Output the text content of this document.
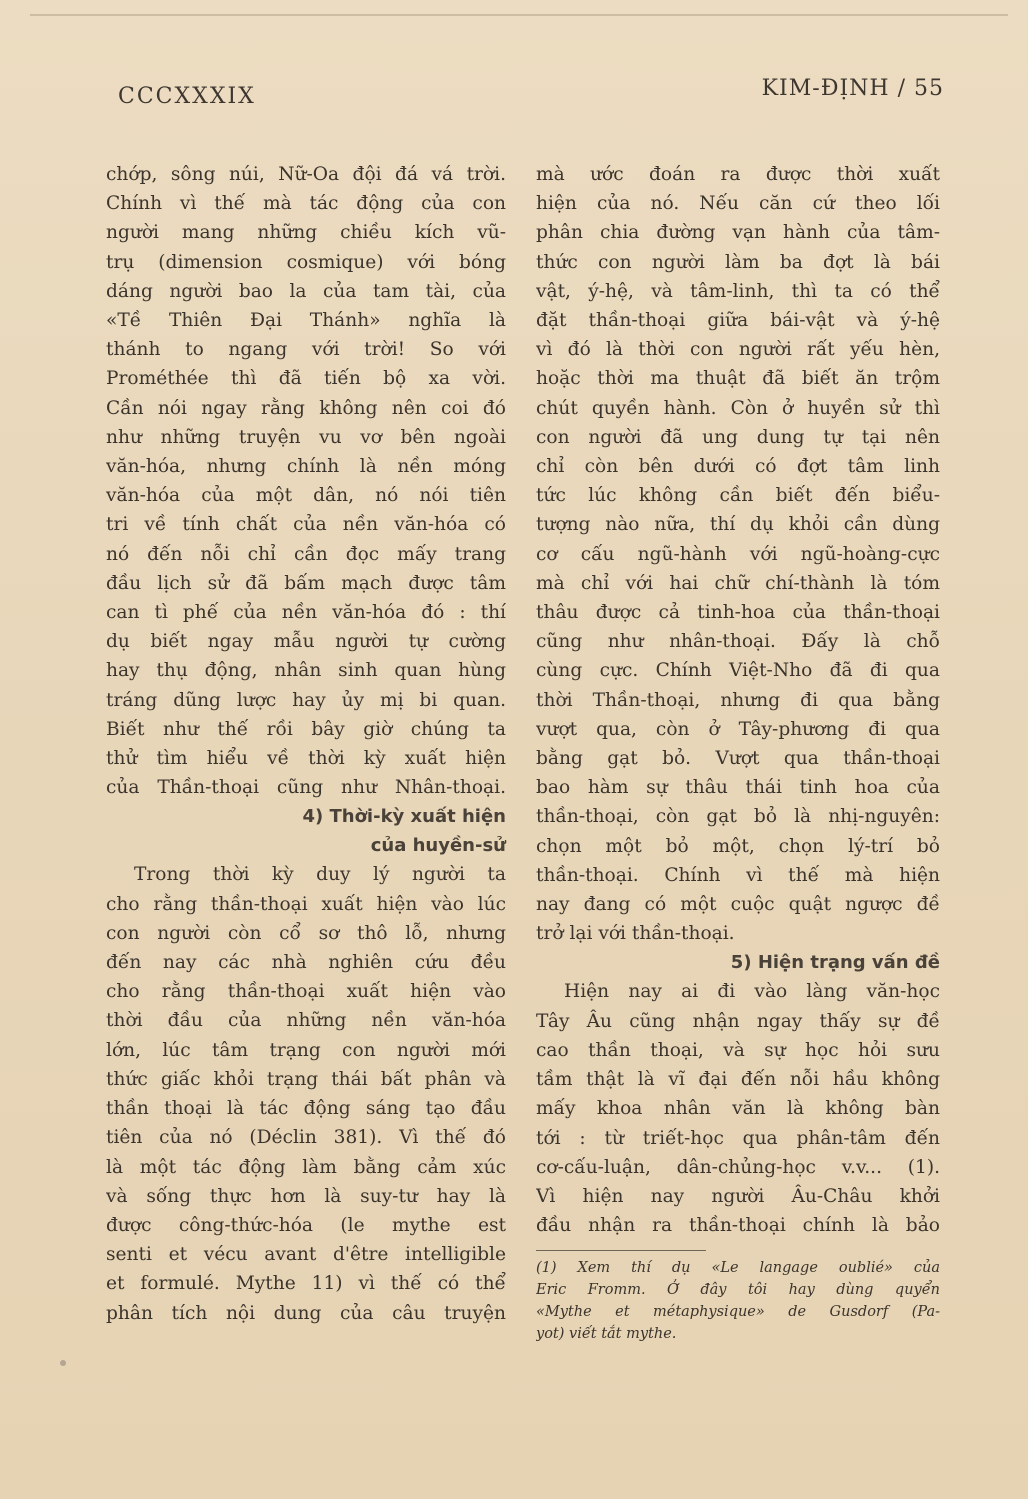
CCCXXXIX	KIM-ĐỊNH / 55
chớp, sông núi, Nữ-Oa đội đá vá trời.
Chính vì thế mà tác động của con
người mang những chiều kích vũ-
trụ (dimension cosmique) với bóng
dáng người bao la của tam tài, của
«Tề Thiên Đại Thánh» nghĩa là
thánh to ngang với trời! So với
Prométhée thì đã tiến bộ xa vời.
Cần nói ngay rằng không nên coi đó
như những truyện vu vơ bên ngoài
văn-hóa, nhưng chính là nền móng
văn-hóa của một dân, nó nói tiên
tri về tính chất của nền văn-hóa có
nó đến nỗi chỉ cần đọc mấy trang
đầu lịch sử đã bấm mạch được tâm
can tì phế của nền văn-hóa đó : thí
dụ biết ngay mẫu người tự cường
hay thụ động, nhân sinh quan hùng
tráng dũng lược hay ủy mị bi quan.
Biết như thế rồi bây giờ chúng ta
thử tìm hiểu về thời kỳ xuất hiện
của Thần-thoại cũng như Nhân-thoại.
4) Thời-kỳ xuất hiện
của huyền-sử
Trong thời kỳ duy lý người ta
cho rằng thần-thoại xuất hiện vào lúc
con người còn cổ sơ thô lỗ, nhưng
đến nay các nhà nghiên cứu đều
cho rằng thần-thoại xuất hiện vào
thời đầu của những nền văn-hóa
lớn, lúc tâm trạng con người mới
thức giấc khỏi trạng thái bất phân và
thần thoại là tác động sáng tạo đầu
tiên của nó (Déclin 381). Vì thế đó
là một tác động làm bằng cảm xúc
và sống thực hơn là suy-tư hay là
được công-thức-hóa (le mythe est
senti et vécu avant d'être intelligible
et formulé. Mythe 11) vì thế có thể
phân tích nội dung của câu truyện
mà ước đoán ra được thời xuất
hiện của nó. Nếu căn cứ theo lối
phân chia đường vạn hành của tâm-
thức con người làm ba đợt là bái
vật, ý-hệ, và tâm-linh, thì ta có thể
đặt thần-thoại giữa bái-vật và ý-hệ
vì đó là thời con người rất yếu hèn,
hoặc thời ma thuật đã biết ăn trộm
chút quyền hành. Còn ở huyền sử thì
con người đã ung dung tự tại nên
chỉ còn bên dưới có đợt tâm linh
tức lúc không cần biết đến biểu-
tượng nào nữa, thí dụ khỏi cần dùng
cơ cấu ngũ-hành với ngũ-hoàng-cực
mà chỉ với hai chữ chí-thành là tóm
thâu được cả tinh-hoa của thần-thoại
cũng như nhân-thoại. Đấy là chỗ
cùng cực. Chính Việt-Nho đã đi qua
thời Thần-thoại, nhưng đi qua bằng
vượt qua, còn ở Tây-phương đi qua
bằng gạt bỏ. Vượt qua thần-thoại
bao hàm sự thâu thái tinh hoa của
thần-thoại, còn gạt bỏ là nhị-nguyên:
chọn một bỏ một, chọn lý-trí bỏ
thần-thoại. Chính vì thế mà hiện
nay đang có một cuộc quật ngược đề
trở lại với thần-thoại.
5) Hiện trạng vấn đề
Hiện nay ai đi vào làng văn-học
Tây Âu cũng nhận ngay thấy sự đề
cao thần thoại, và sự học hỏi sưu
tầm thật là vĩ đại đến nỗi hầu không
mấy khoa nhân văn là không bàn
tới : từ triết-học qua phân-tâm đến
cơ-cấu-luận, dân-chủng-học v.v... (1).
Vì hiện nay người Âu-Châu khởi
đầu nhận ra thần-thoại chính là bảo
(1) Xem thí dụ «Le langage oublié» của
Eric Fromm. Ở đây tôi hay dùng quyển
«Mythe et métaphysique» de Gusdorf (Pa-
yot) viết tắt mythe.
